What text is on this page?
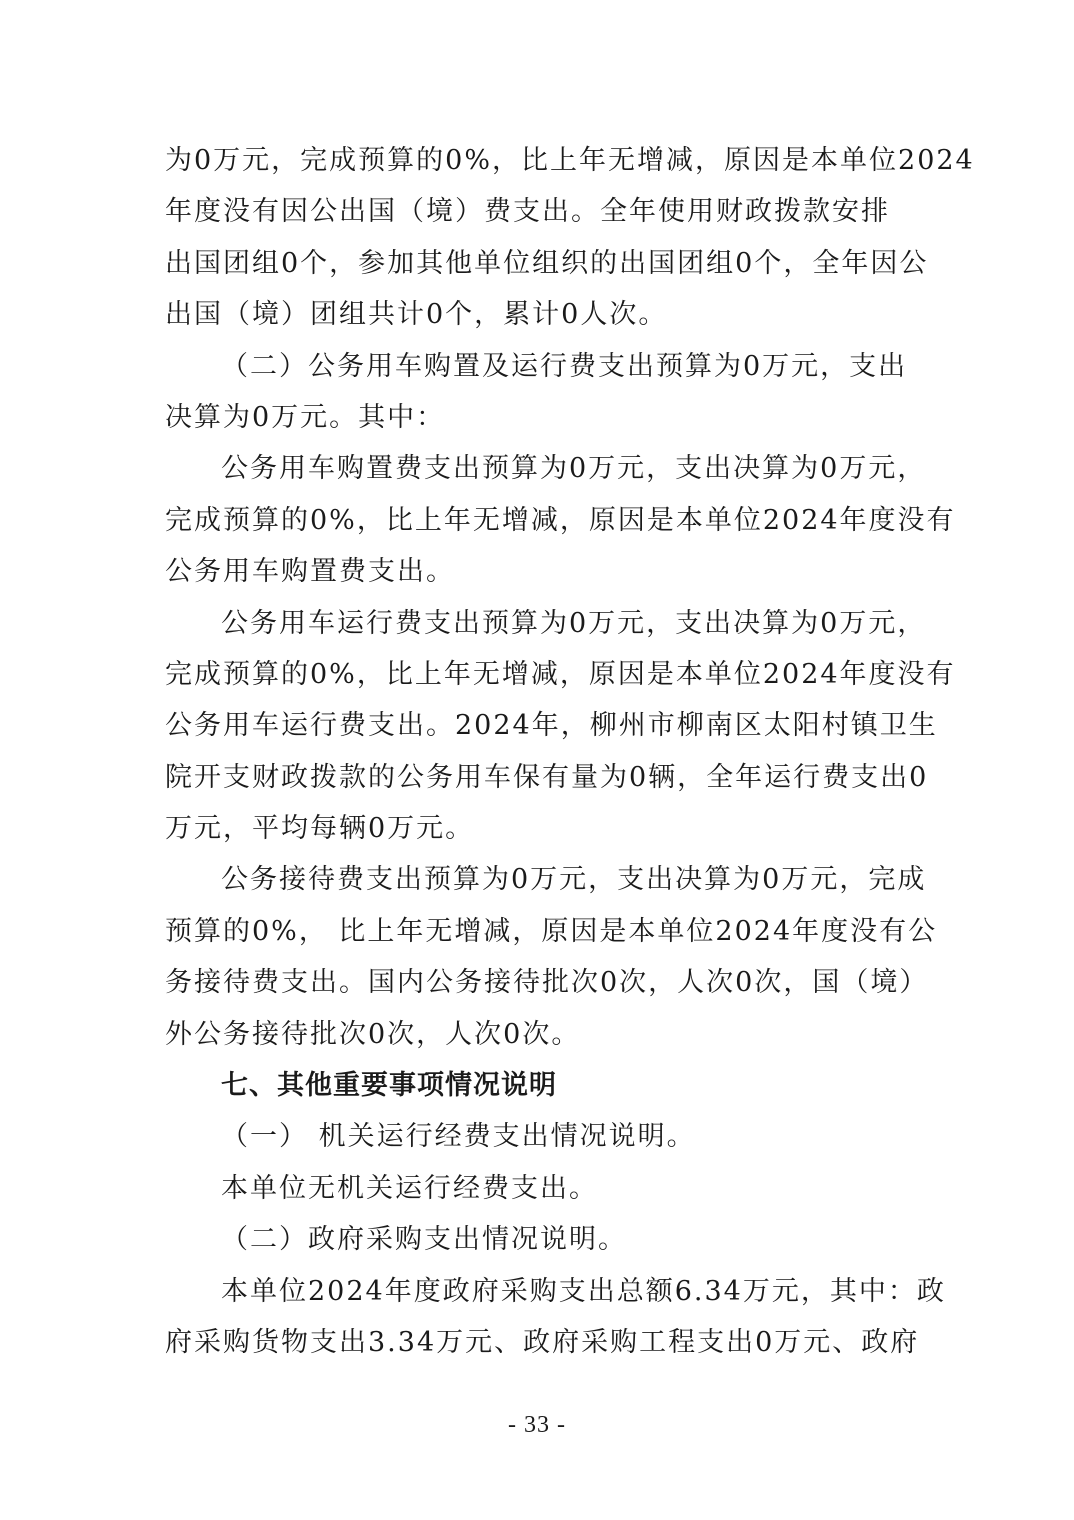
为0万元，完成预算的0%，比上年无增减，原因是本单位2024
年度没有因公出国（境）费支出。全年使用财政拨款安排
出国团组0个，参加其他单位组织的出国团组0个，全年因公
出国（境）团组共计0个，累计0人次。
（二）公务用车购置及运行费支出预算为0万元，支出
决算为0万元。其中：
公务用车购置费支出预算为0万元，支出决算为0万元，
完成预算的0%，比上年无增减，原因是本单位2024年度没有
公务用车购置费支出。
公务用车运行费支出预算为0万元，支出决算为0万元，
完成预算的0%，比上年无增减，原因是本单位2024年度没有
公务用车运行费支出。2024年，柳州市柳南区太阳村镇卫生
院开支财政拨款的公务用车保有量为0辆，全年运行费支出0
万元，平均每辆0万元。
公务接待费支出预算为0万元，支出决算为0万元，完成
预算的0%， 比上年无增减，原因是本单位2024年度没有公
务接待费支出。国内公务接待批次0次，人次0次，国（境）
外公务接待批次0次，人次0次。
七、其他重要事项情况说明
（一） 机关运行经费支出情况说明。
本单位无机关运行经费支出。
（二）政府采购支出情况说明。
本单位2024年度政府采购支出总额6.34万元，其中：政
府采购货物支出3.34万元、政府采购工程支出0万元、政府
- 33 -
